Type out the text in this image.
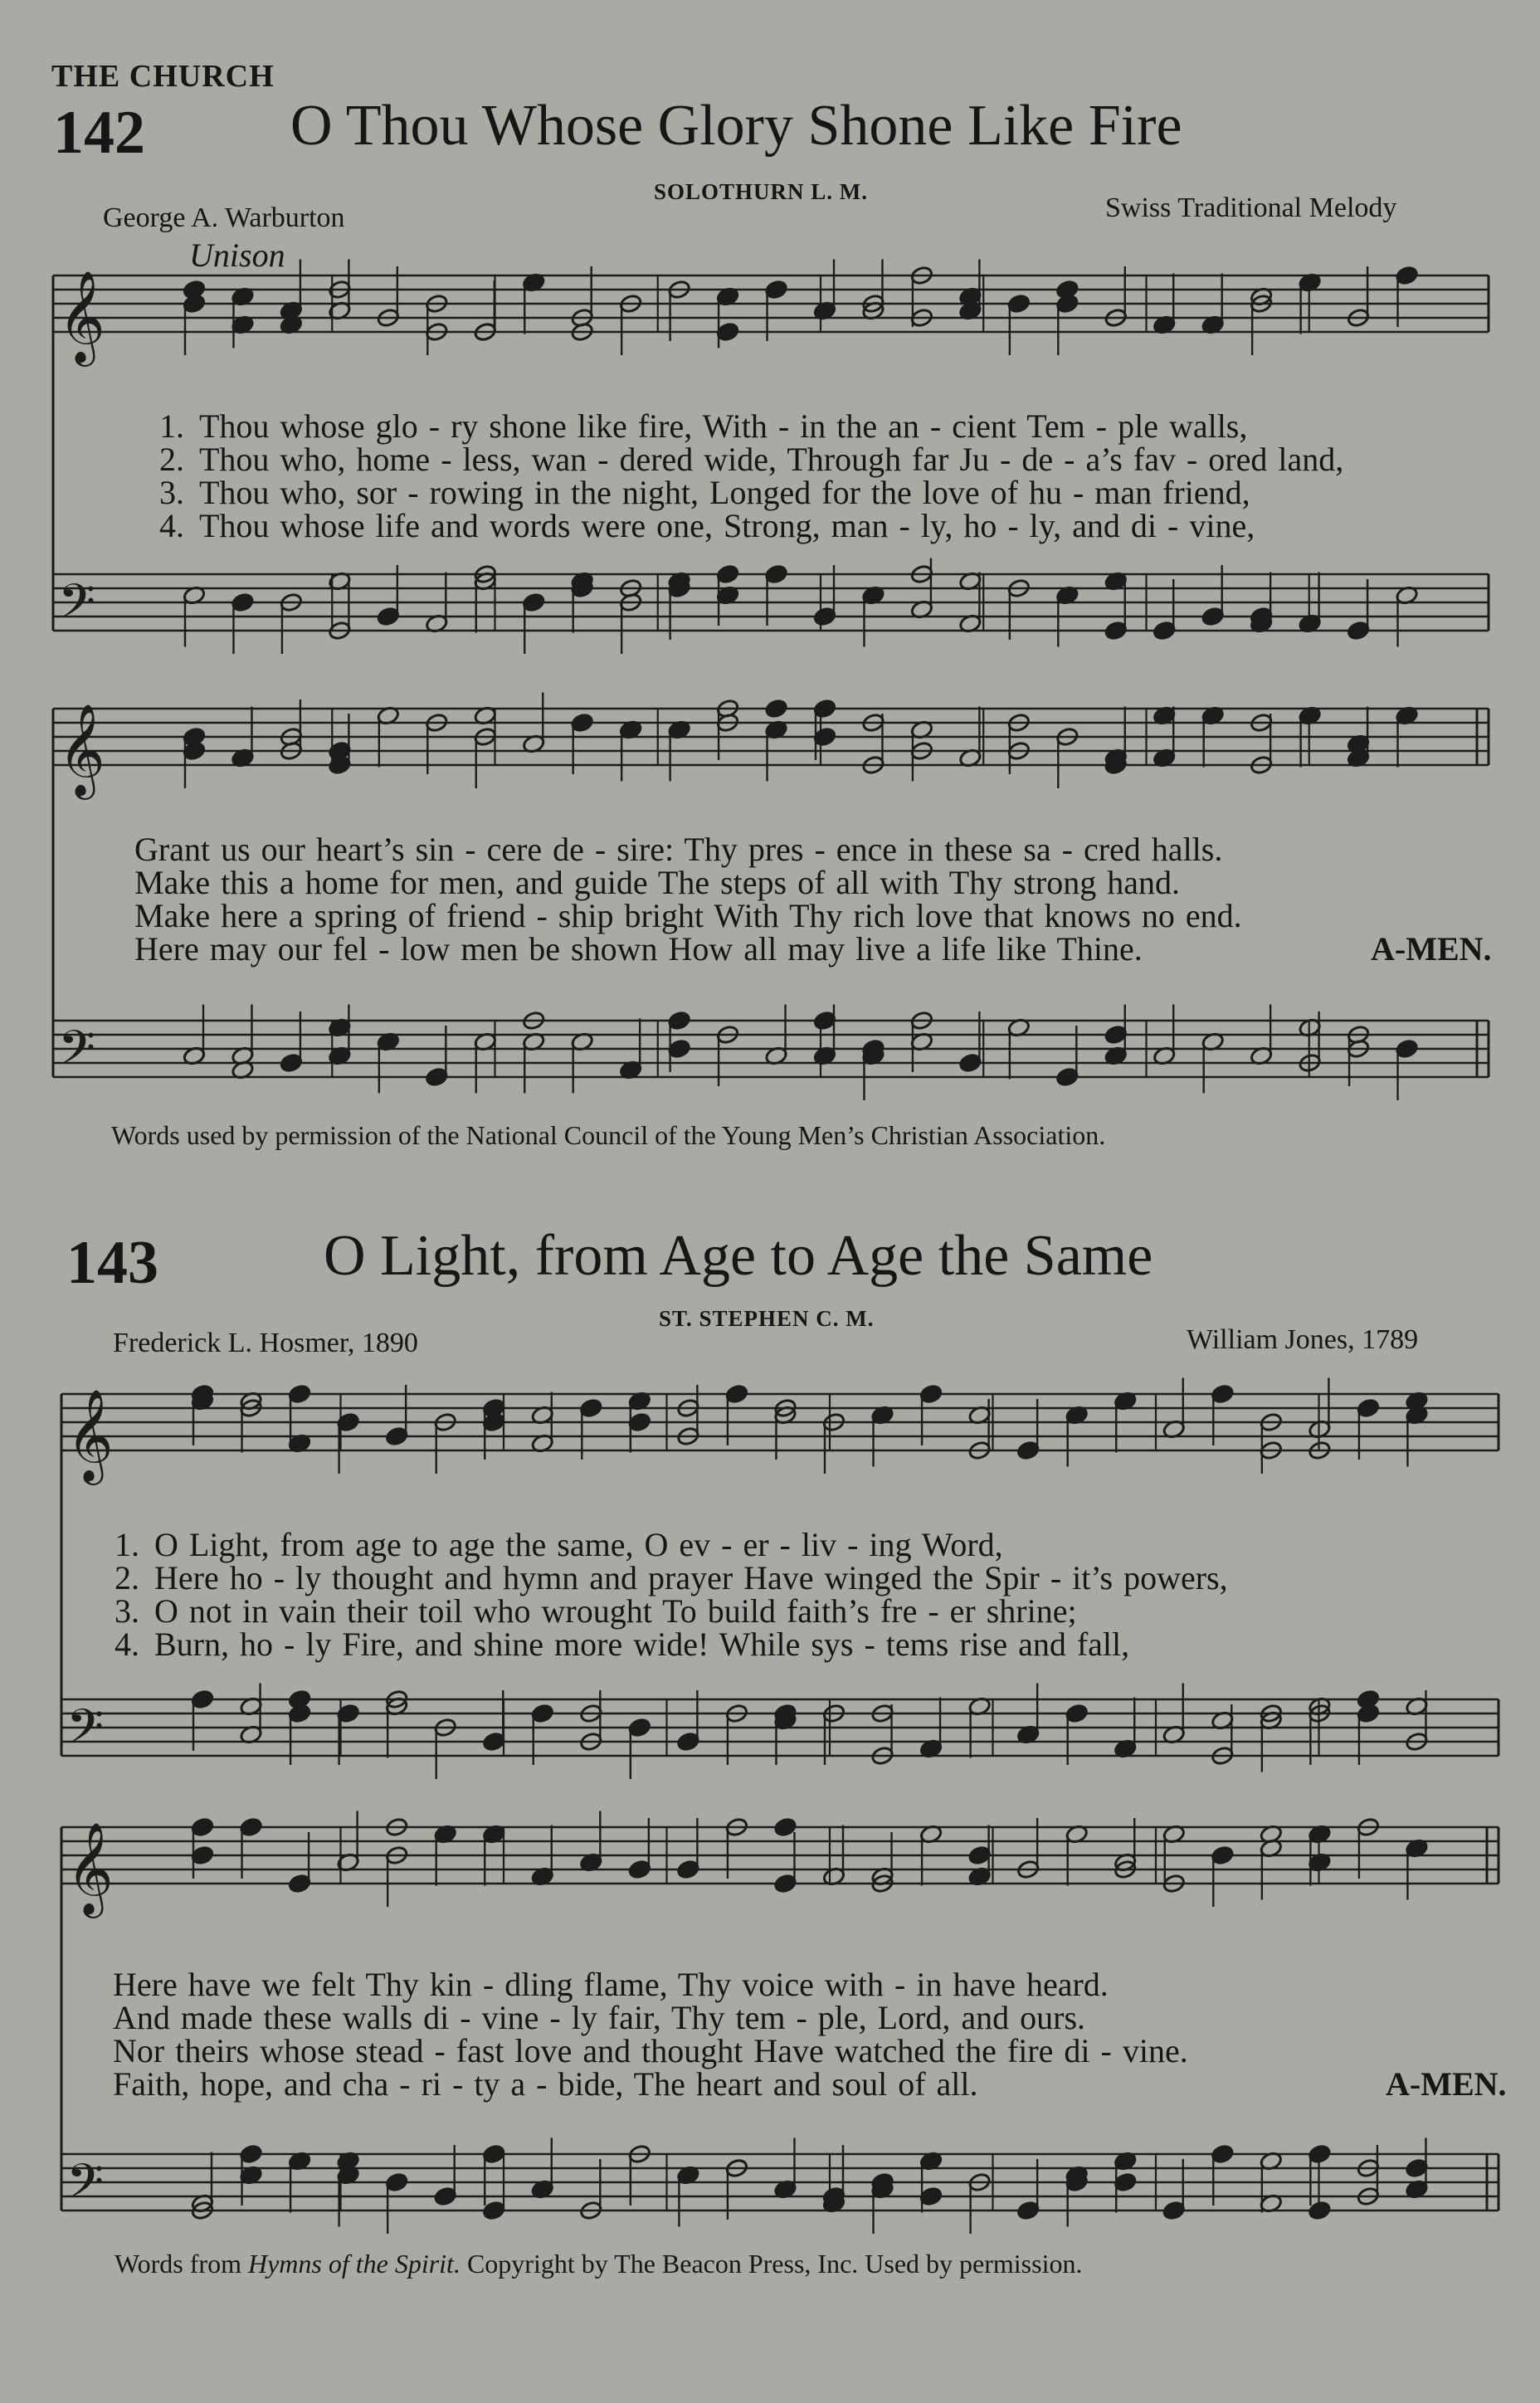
𝄞
𝄢
𝄞
𝄢
𝄞
𝄢
𝄞
𝄢
THE CHURCH
142	O Thou Whose Glory Shone Like Fire
SOLOTHURN L. M.
George A. Warburton	Swiss Traditional Melody
Unison
1. Thou whose glo - ry shone like fire, With - in the an - cient Tem - ple walls,
2. Thou who, home - less, wan - dered wide, Through far Ju - de - a’s fav - ored land,
3. Thou who, sor - rowing in the night, Longed for the love of hu - man friend,
4. Thou whose life and words were one, Strong, man - ly, ho - ly, and di - vine,
Grant us our heart’s sin - cere de - sire: Thy pres - ence in these sa - cred halls.
Make this a home for men, and guide The steps of all with Thy strong hand.
Make here a spring of friend - ship bright With Thy rich love that knows no end.
Here may our fel - low men be shown How all may live a life like Thine.	A-MEN.
Words used by permission of the National Council of the Young Men’s Christian Association.
143	O Light, from Age to Age the Same
ST. STEPHEN C. M.
Frederick L. Hosmer, 1890	William Jones, 1789
1. O Light, from age to age the same, O ev - er - liv - ing Word,
2. Here ho - ly thought and hymn and prayer Have winged the Spir - it’s powers,
3. O not in vain their toil who wrought To build faith’s fre - er shrine;
4. Burn, ho - ly Fire, and shine more wide! While sys - tems rise and fall,
Here have we felt Thy kin - dling flame, Thy voice with - in have heard.
And made these walls di - vine - ly fair, Thy tem - ple, Lord, and ours.
Nor theirs whose stead - fast love and thought Have watched the fire di - vine.
Faith, hope, and cha - ri - ty a - bide, The heart and soul of all.	A-MEN.
Words from Hymns of the Spirit. Copyright by The Beacon Press, Inc. Used by permission.
